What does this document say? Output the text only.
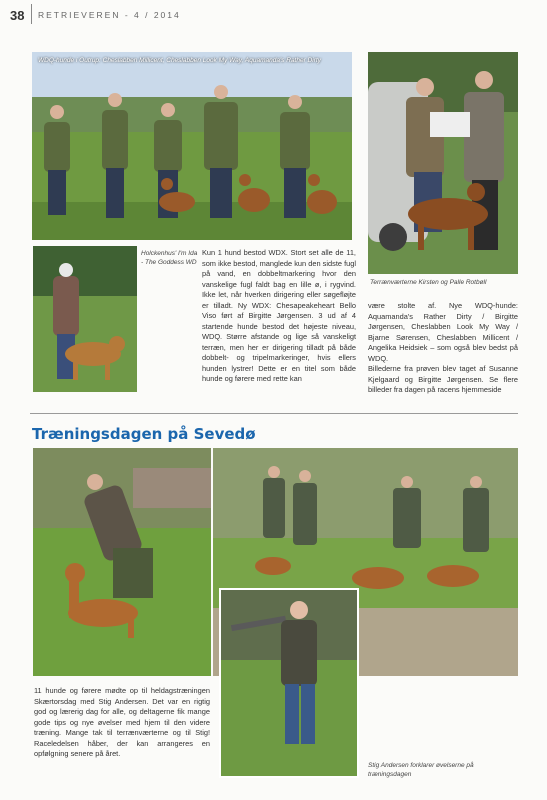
38 RETRIEVEREN - 4 / 2014
WDQ-hunde i Outrup: Cheslabben Millicent, Cheslabben Look My Way, Aquamanda's Rather Dirty
Terrænværterne Kirsten og Palle Rotbøll
Holckenhus' I'm Ida - The Goddess WD

Kun 1 hund bestod WDX. Stort set alle de 11, som ikke bestod, manglede kun den sidste fugl på vand, en dobbeltmarkering hvor den vanskelige fugl faldt bag en lille ø, i rygvind. Ikke let, når hverken dirigering eller søgefløjte er tilladt. Ny WDX: Chesapeakeheart Bello Viso ført af Birgitte Jørgensen. 3 ud af 4 startende hunde bestod det højeste niveau, WDQ. Større afstande og lige så vanskeligt terræn, men her er dirigering tilladt på både dobbelt- og tripelmarkeringer, hvis ellers hunden lystrer! Dette er en titel som både hunde og førere med rette kan

være stolte af. Nye WDQ-hunde: Aquamanda's Rather Dirty / Birgitte Jørgensen, Cheslabben Look My Way / Bjarne Sørensen, Cheslabben Millicent / Angelika Heidsiek – som også blev bedst på WDQ.

Billederne fra prøven blev taget af Susanne Kjelgaard og Birgitte Jørgensen. Se flere billeder fra dagen på racens hjemmeside

Træningsdagen på Sevedø
Stig Andersen forklarer øvelserne på træningsdagen

11 hunde og førere mødte op til heldagstræningen Skærtorsdag med Stig Andersen. Det var en rigtig god og lærerig dag for alle, og deltagerne fik mange gode tips og nye øvelser med hjem til den videre træning. Mange tak til terrænværterne og til Stig! Raceledelsen håber, der kan arrangeres en opfølgning senere på året.
